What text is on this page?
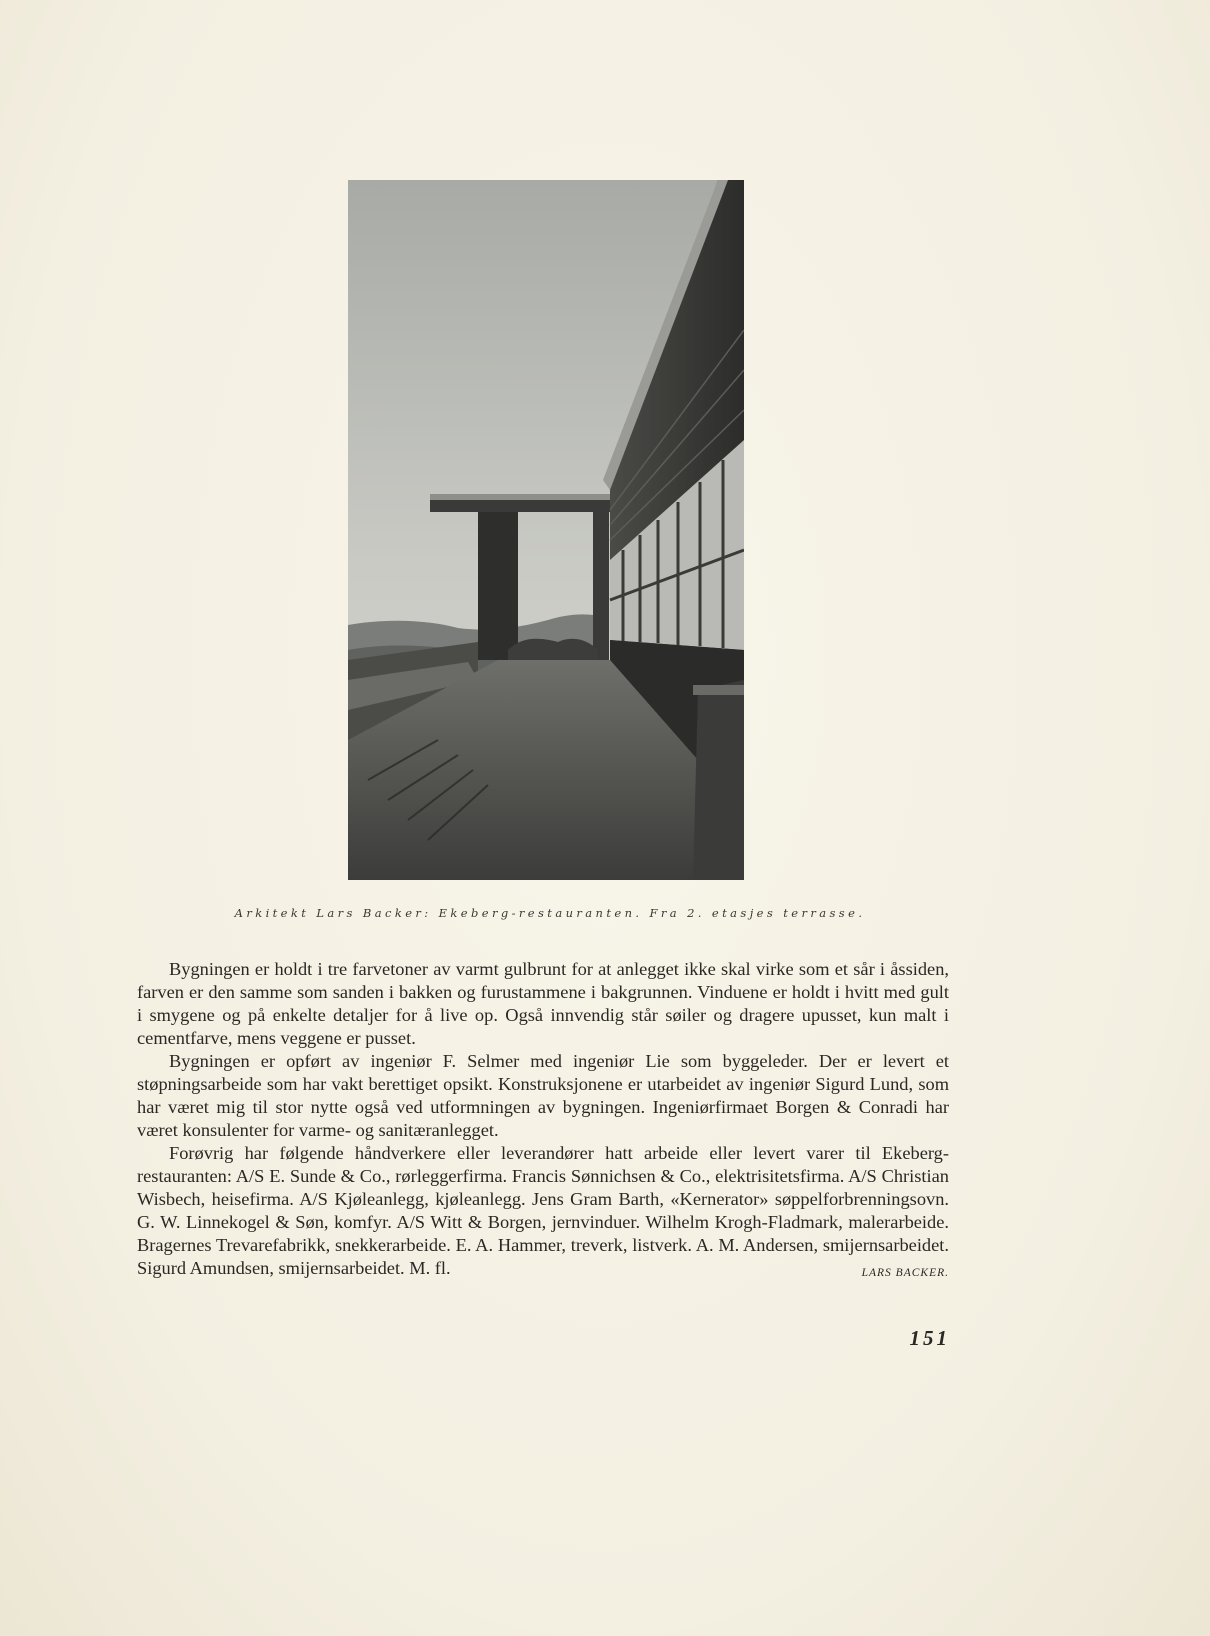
Arkitekt Lars Backer: Ekeberg-restauranten. Fra 2. etasjes terrasse.

Bygningen er holdt i tre farvetoner av varmt gulbrunt for at anlegget ikke skal virke som et sår i åssiden, farven er den samme som sanden i bakken og furustammene i bakgrunnen. Vinduene er holdt i hvitt med gult i smygene og på enkelte detaljer for å live op. Også innvendig står søiler og dragere upusset, kun malt i cementfarve, mens veggene er pusset.

Bygningen er opført av ingeniør F. Selmer med ingeniør Lie som byggeleder. Der er levert et støpningsarbeide som har vakt berettiget opsikt. Konstruksjonene er utarbeidet av ingeniør Sigurd Lund, som har været mig til stor nytte også ved utformningen av bygningen. Ingeniørfirmaet Borgen & Conradi har været konsulenter for varme- og sanitæranlegget.

Forøvrig har følgende håndverkere eller leverandører hatt arbeide eller levert varer til Ekeberg-restauranten: A/S E. Sunde & Co., rørleggerfirma. Francis Sønnichsen & Co., elektrisitetsfirma. A/S Christian Wisbech, heisefirma. A/S Kjøleanlegg, kjøleanlegg. Jens Gram Barth, «Kernerator» søppelforbrenningsovn. G. W. Linnekogel & Søn, komfyr. A/S Witt & Borgen, jernvinduer. Wilhelm Krogh-Fladmark, malerarbeide. Bragernes Trevarefabrikk, snekkerarbeide. E. A. Hammer, treverk, listverk. A. M. Andersen, smijernsarbeidet. Sigurd Amundsen, smijernsarbeidet. M. fl.	LARS BACKER.

151
